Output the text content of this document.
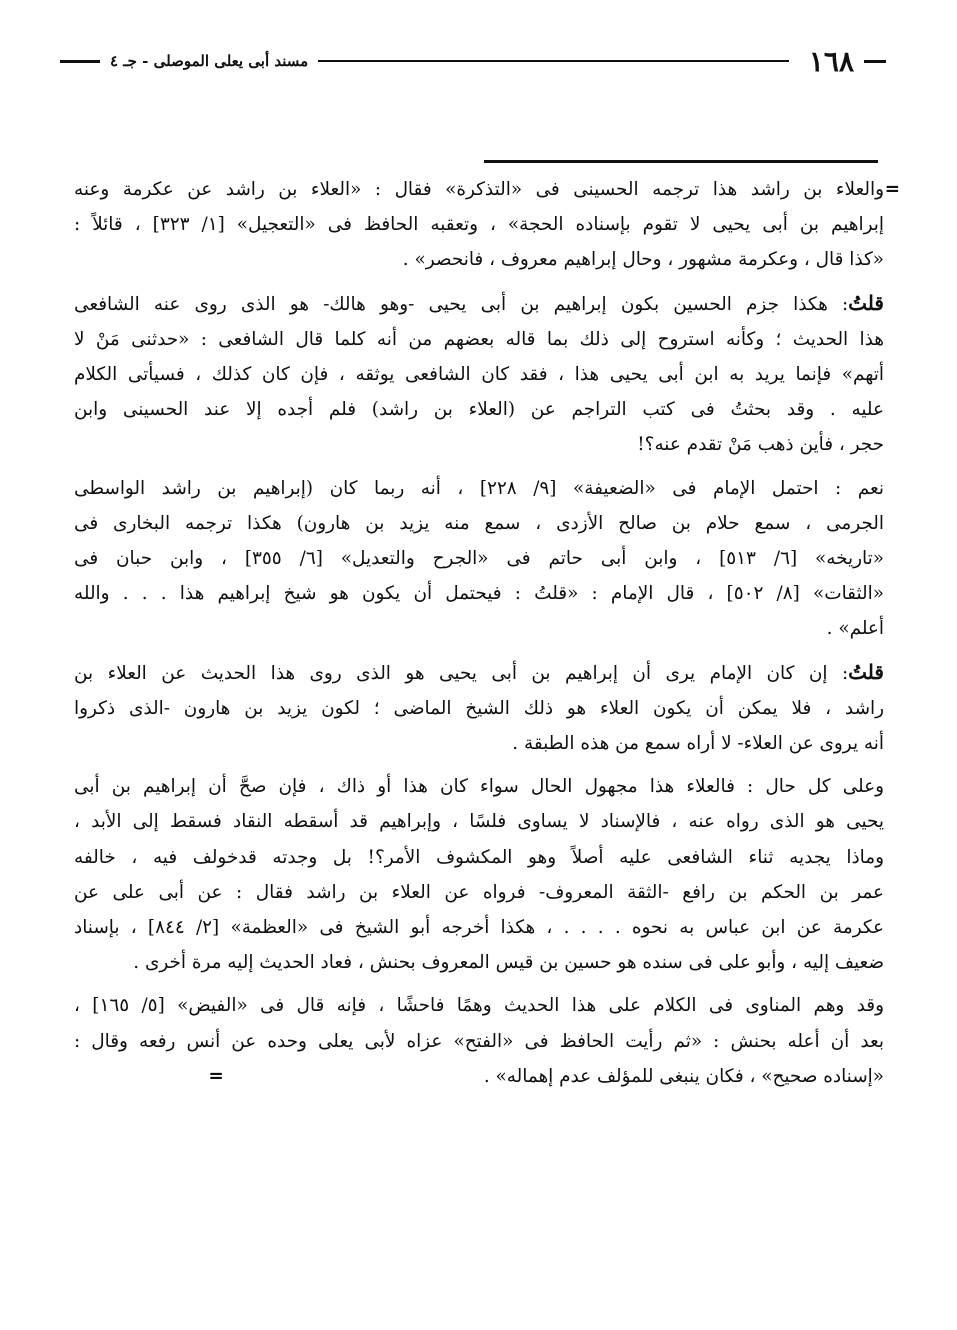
١٦٨
مسند أبى يعلى الموصلى - جـ ٤
=
والعلاء بن راشد هذا ترجمه الحسينى فى «التذكرة» فقال : «العلاء بن راشد عن عكرمة وعنه
إبراهيم بن أبى يحيى لا تقوم بإسناده الحجة» ، وتعقبه الحافظ فى «التعجيل» [١/ ٣٢٣] ، قائلاً :
«كذا قال ، وعكرمة مشهور ، وحال إبراهيم معروف ، فانحصر» .
قلتُ: هكذا جزم الحسين بكون إبراهيم بن أبى يحيى -وهو هالك- هو الذى روى عنه الشافعى
هذا الحديث ؛ وكأنه استروح إلى ذلك بما قاله بعضهم من أنه كلما قال الشافعى : «حدثنى مَنْ لا
أتهم» فإنما يريد به ابن أبى يحيى هذا ، فقد كان الشافعى يوثقه ، فإن كان كذلك ، فسيأتى الكلام
عليه . وقد بحثتُ فى كتب التراجم عن (العلاء بن راشد) فلم أجده إلا عند الحسينى وابن
حجر ، فأين ذهب مَنْ تقدم عنه؟!
نعم : احتمل الإمام فى «الضعيفة» [٩/ ٢٢٨] ، أنه ربما كان (إبراهيم بن راشد الواسطى
الجرمى ، سمع حلام بن صالح الأزدى ، سمع منه يزيد بن هارون) هكذا ترجمه البخارى فى
«تاريخه» [٦/ ٥١٣] ، وابن أبى حاتم فى «الجرح والتعديل» [٦/ ٣٥٥] ، وابن حبان فى
«الثقات» [٨/ ٥٠٢] ، قال الإمام : «قلتُ : فيحتمل أن يكون هو شيخ إبراهيم هذا . . . والله
أعلم» .
قلتُ: إن كان الإمام يرى أن إبراهيم بن أبى يحيى هو الذى روى هذا الحديث عن العلاء بن
راشد ، فلا يمكن أن يكون العلاء هو ذلك الشيخ الماضى ؛ لكون يزيد بن هارون -الذى ذكروا
أنه يروى عن العلاء- لا أراه سمع من هذه الطبقة .
وعلى كل حال : فالعلاء هذا مجهول الحال سواء كان هذا أو ذاك ، فإن صحَّ أن إبراهيم بن أبى
يحيى هو الذى رواه عنه ، فالإسناد لا يساوى فلسًا ، وإبراهيم قد أسقطه النقاد فسقط إلى الأبد ،
وماذا يجديه ثناء الشافعى عليه أصلاً وهو المكشوف الأمر؟! بل وجدته قدخولف فيه ، خالفه
عمر بن الحكم بن رافع -الثقة المعروف- فرواه عن العلاء بن راشد فقال : عن أبى على عن
عكرمة عن ابن عباس به نحوه . . . . ، هكذا أخرجه أبو الشيخ فى «العظمة» [٢/ ٨٤٤] ، بإسناد
ضعيف إليه ، وأبو على فى سنده هو حسين بن قيس المعروف بحنش ، فعاد الحديث إليه مرة أخرى .
وقد وهم المناوى فى الكلام على هذا الحديث وهمًا فاحشًا ، فإنه قال فى «الفيض» [٥/ ١٦٥] ،
بعد أن أعله بحنش : «ثم رأيت الحافظ فى «الفتح» عزاه لأبى يعلى وحده عن أنس رفعه وقال :
«إسناده صحيح» ، فكان ينبغى للمؤلف عدم إهماله» .=
